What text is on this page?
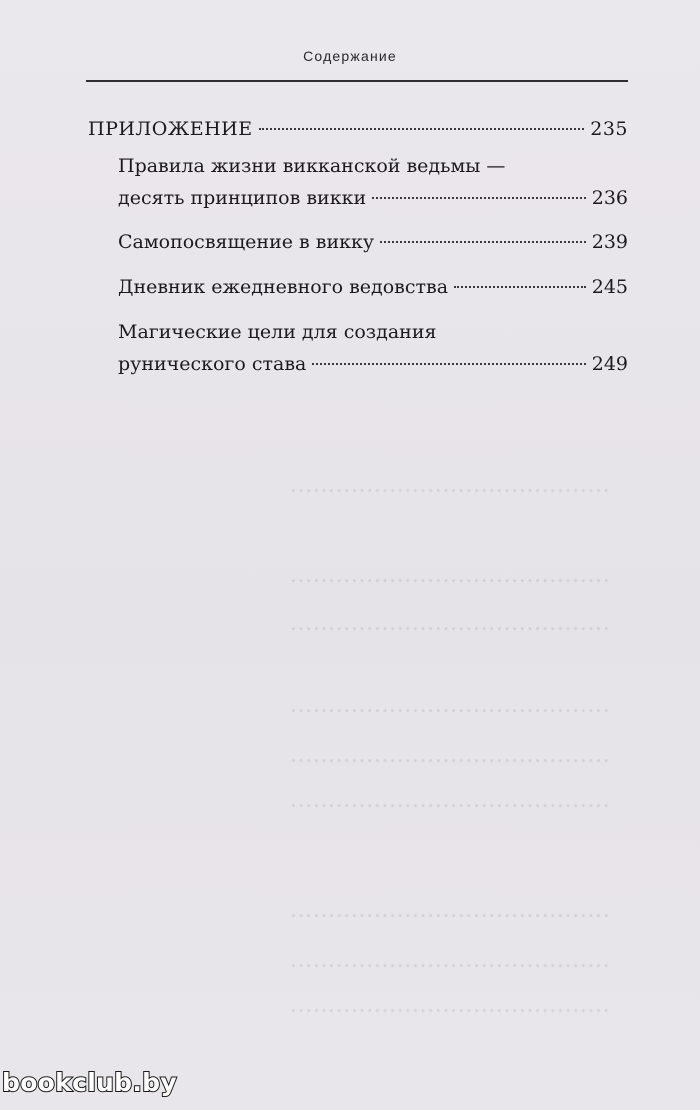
..........................................
..........................................
..........................................
..........................................
..........................................
..........................................
..........................................
..........................................
..........................................
Содержание
ПРИЛОЖЕНИЕ	235
Правила жизни викканской ведьмы —
десять принципов викки	236
Самопосвящение в викку	239
Дневник ежедневного ведовства	245
Магические цели для создания
рунического става	249
bookclub.by
